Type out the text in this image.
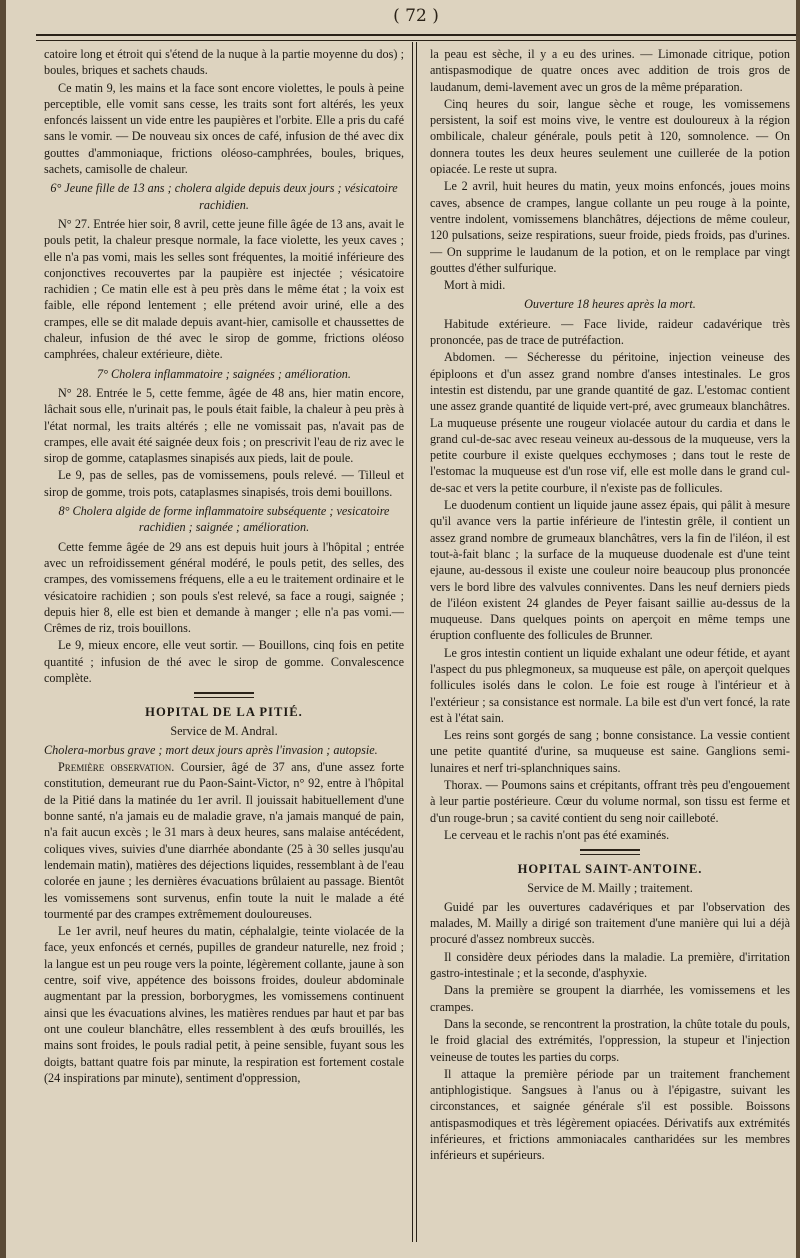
( 72 )

catoire long et étroit qui s'étend de la nuque à la partie moyenne du dos) ; boules, briques et sachets chauds.

Ce matin 9, les mains et la face sont encore violettes, le pouls à peine perceptible, elle vomit sans cesse, les traits sont fort altérés, les yeux enfoncés laissent un vide entre les paupières et l'orbite. Elle a pris du café sans le vomir. — De nouveau six onces de café, infusion de thé avec dix gouttes d'ammoniaque, frictions oléoso-camphrées, boules, briques, sachets, camisolle de chaleur.

6° Jeune fille de 13 ans ; cholera algide depuis deux jours ; vésicatoire rachidien.

N° 27. Entrée hier soir, 8 avril, cette jeune fille âgée de 13 ans, avait le pouls petit, la chaleur presque normale, la face violette, les yeux caves ; elle n'a pas vomi, mais les selles sont fréquentes, la moitié inférieure des conjonctives recouvertes par la paupière est injectée ; vésicatoire rachidien ; Ce matin elle est à peu près dans le même état ; la voix est faible, elle répond lentement ; elle prétend avoir uriné, elle a des crampes, elle se dit malade depuis avant-hier, camisolle et chaussettes de chaleur, infusion de thé avec le sirop de gomme, frictions oléoso camphrées, chaleur extérieure, diète.

7° Cholera inflammatoire ; saignées ; amélioration.

N° 28. Entrée le 5, cette femme, âgée de 48 ans, hier matin encore, lâchait sous elle, n'urinait pas, le pouls était faible, la chaleur à peu près à l'état normal, les traits altérés ; elle ne vomissait pas, n'avait pas de crampes, elle avait été saignée deux fois ; on prescrivit l'eau de riz avec le sirop de gomme, cataplasmes sinapisés aux pieds, lait de poule.

Le 9, pas de selles, pas de vomissemens, pouls relevé. — Tilleul et sirop de gomme, trois pots, cataplasmes sinapisés, trois demi bouillons.

8° Cholera algide de forme inflammatoire subséquente ; vesicatoire rachidien ; saignée ; amélioration.

Cette femme âgée de 29 ans est depuis huit jours à l'hôpital ; entrée avec un refroidissement général modéré, le pouls petit, des selles, des crampes, des vomissemens fréquens, elle a eu le traitement ordinaire et le vésicatoire rachidien ; son pouls s'est relevé, sa face a rougi, saignée ; depuis hier 8, elle est bien et demande à manger ; elle n'a pas vomi.—Crêmes de riz, trois bouillons.

Le 9, mieux encore, elle veut sortir. — Bouillons, cinq fois en petite quantité ; infusion de thé avec le sirop de gomme. Convalescence complète.

HOPITAL DE LA PITIÉ.

Service de M. Andral.

Cholera-morbus grave ; mort deux jours après l'invasion ; autopsie.

Première observation. Coursier, âgé de 37 ans, d'une assez forte constitution, demeurant rue du Paon-Saint-Victor, n° 92, entre à l'hôpital de la Pitié dans la matinée du 1er avril. Il jouissait habituellement d'une bonne santé, n'a jamais eu de maladie grave, n'a jamais manqué de pain, n'a fait aucun excès ; le 31 mars à deux heures, sans malaise antécédent, coliques vives, suivies d'une diarrhée abondante (25 à 30 selles jusqu'au lendemain matin), matières des déjections liquides, ressemblant à de l'eau colorée en jaune ; les dernières évacuations brûlaient au passage. Bientôt les vomissemens sont survenus, enfin toute la nuit le malade a été tourmenté par des crampes extrêmement douloureuses.

Le 1er avril, neuf heures du matin, céphalalgie, teinte violacée de la face, yeux enfoncés et cernés, pupilles de grandeur naturelle, nez froid ; la langue est un peu rouge vers la pointe, légèrement collante, jaune à son centre, soif vive, appétence des boissons froides, douleur abdominale augmentant par la pression, borborygmes, les vomissemens continuent ainsi que les évacuations alvines, les matières rendues par haut et par bas ont une couleur blanchâtre, elles ressemblent à des œufs brouillés, les mains sont froides, le pouls radial petit, à peine sensible, fuyant sous les doigts, battant quatre fois par minute, la respiration est fortement costale (24 inspirations par minute), sentiment d'oppression,

la peau est sèche, il y a eu des urines. — Limonade citrique, potion antispasmodique de quatre onces avec addition de trois gros de laudanum, demi-lavement avec un gros de la même préparation.

Cinq heures du soir, langue sèche et rouge, les vomissemens persistent, la soif est moins vive, le ventre est douloureux à la région ombilicale, chaleur générale, pouls petit à 120, somnolence. — On donnera toutes les deux heures seulement une cuillerée de la potion opiacée. Le reste ut supra.

Le 2 avril, huit heures du matin, yeux moins enfoncés, joues moins caves, absence de crampes, langue collante un peu rouge à la pointe, ventre indolent, vomissemens blanchâtres, déjections de même couleur, 120 pulsations, seize respirations, sueur froide, pieds froids, pas d'urines. — On supprime le laudanum de la potion, et on le remplace par vingt gouttes d'éther sulfurique.

Mort à midi.

Ouverture 18 heures après la mort.

Habitude extérieure. — Face livide, raideur cadavérique très prononcée, pas de trace de putréfaction.

Abdomen. — Sécheresse du péritoine, injection veineuse des épiploons et d'un assez grand nombre d'anses intestinales. Le gros intestin est distendu, par une grande quantité de gaz. L'estomac contient une assez grande quantité de liquide vert-pré, avec grumeaux blanchâtres. La muqueuse présente une rougeur violacée autour du cardia et dans le grand cul-de-sac avec reseau veineux au-dessous de la muqueuse, vers la petite courbure il existe quelques ecchymoses ; dans tout le reste de l'estomac la muqueuse est d'un rose vif, elle est molle dans le grand cul-de-sac et vers la petite courbure, il n'existe pas de follicules.

Le duodenum contient un liquide jaune assez épais, qui pâlit à mesure qu'il avance vers la partie inférieure de l'intestin grêle, il contient un assez grand nombre de grumeaux blanchâtres, vers la fin de l'iléon, il est tout-à-fait blanc ; la surface de la muqueuse duodenale est d'une teint ejaune, au-dessous il existe une couleur noire beaucoup plus prononcée vers le bord libre des valvules conniventes. Dans les neuf derniers pieds de l'iléon existent 24 glandes de Peyer faisant saillie au-dessus de la muqueuse. Dans quelques points on aperçoit en même temps une éruption confluente des follicules de Brunner.

Le gros intestin contient un liquide exhalant une odeur fétide, et ayant l'aspect du pus phlegmoneux, sa muqueuse est pâle, on aperçoit quelques follicules isolés dans le colon. Le foie est rouge à l'intérieur et à l'extérieur ; sa consistance est normale. La bile est d'un vert foncé, la rate est à l'état sain.

Les reins sont gorgés de sang ; bonne consistance. La vessie contient une petite quantité d'urine, sa muqueuse est saine. Ganglions semi-lunaires et nerf tri-splanchniques sains.

Thorax. — Poumons sains et crépitants, offrant très peu d'engouement à leur partie postérieure. Cœur du volume normal, son tissu est ferme et d'un rouge-brun ; sa cavité contient du seng noir cailleboté.

Le cerveau et le rachis n'ont pas été examinés.

HOPITAL SAINT-ANTOINE.

Service de M. Mailly ; traitement.

Guidé par les ouvertures cadavériques et par l'observation des malades, M. Mailly a dirigé son traitement d'une manière qui lui a déjà procuré d'assez nombreux succès.

Il considère deux périodes dans la maladie. La première, d'irritation gastro-intestinale ; et la seconde, d'asphyxie.

Dans la première se groupent la diarrhée, les vomissemens et les crampes.

Dans la seconde, se rencontrent la prostration, la chûte totale du pouls, le froid glacial des extrémités, l'oppression, la stupeur et l'injection veineuse de toutes les parties du corps.

Il attaque la première période par un traitement franchement antiphlogistique. Sangsues à l'anus ou à l'épigastre, suivant les circonstances, et saignée générale s'il est possible. Boissons antispasmodiques et très légèrement opiacées. Dérivatifs aux extrémités inférieures, et frictions ammoniacales cantharidées sur les membres inférieurs et supérieurs.
